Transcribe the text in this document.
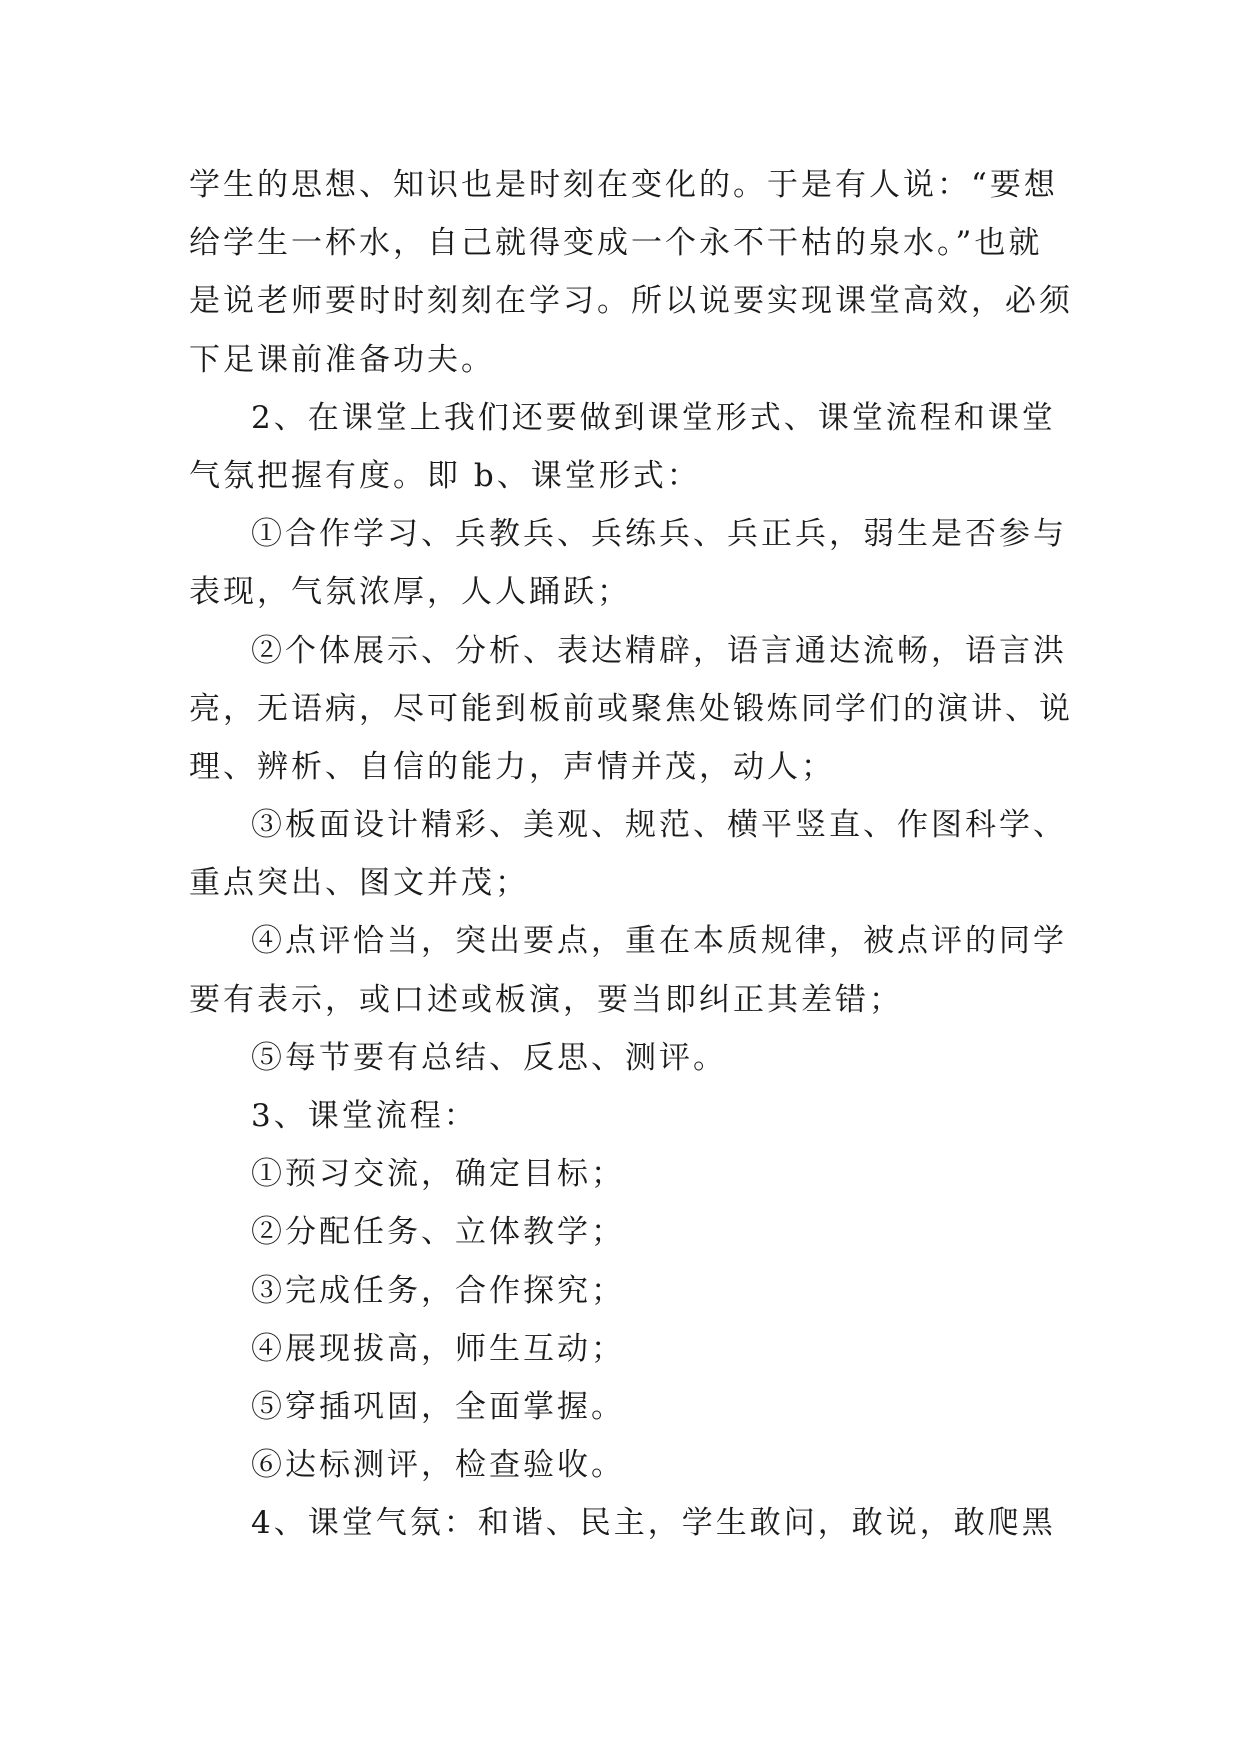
学生的思想、知识也是时刻在变化的。于是有人说：“要想

给学生一杯水，自己就得变成一个永不干枯的泉水。”也就

是说老师要时时刻刻在学习。所以说要实现课堂高效，必须

下足课前准备功夫。

2、在课堂上我们还要做到课堂形式、课堂流程和课堂

气氛把握有度。即 b、课堂形式：

①合作学习、兵教兵、兵练兵、兵正兵，弱生是否参与

表现，气氛浓厚，人人踊跃；

②个体展示、分析、表达精辟，语言通达流畅，语言洪

亮，无语病，尽可能到板前或聚焦处锻炼同学们的演讲、说

理、辨析、自信的能力，声情并茂，动人；

③板面设计精彩、美观、规范、横平竖直、作图科学、

重点突出、图文并茂；

④点评恰当，突出要点，重在本质规律，被点评的同学

要有表示，或口述或板演，要当即纠正其差错；

⑤每节要有总结、反思、测评。

3、课堂流程：

①预习交流，确定目标；

②分配任务、立体教学；

③完成任务，合作探究；

④展现拔高，师生互动；

⑤穿插巩固，全面掌握。

⑥达标测评，检查验收。

4、课堂气氛：和谐、民主，学生敢问，敢说，敢爬黑
